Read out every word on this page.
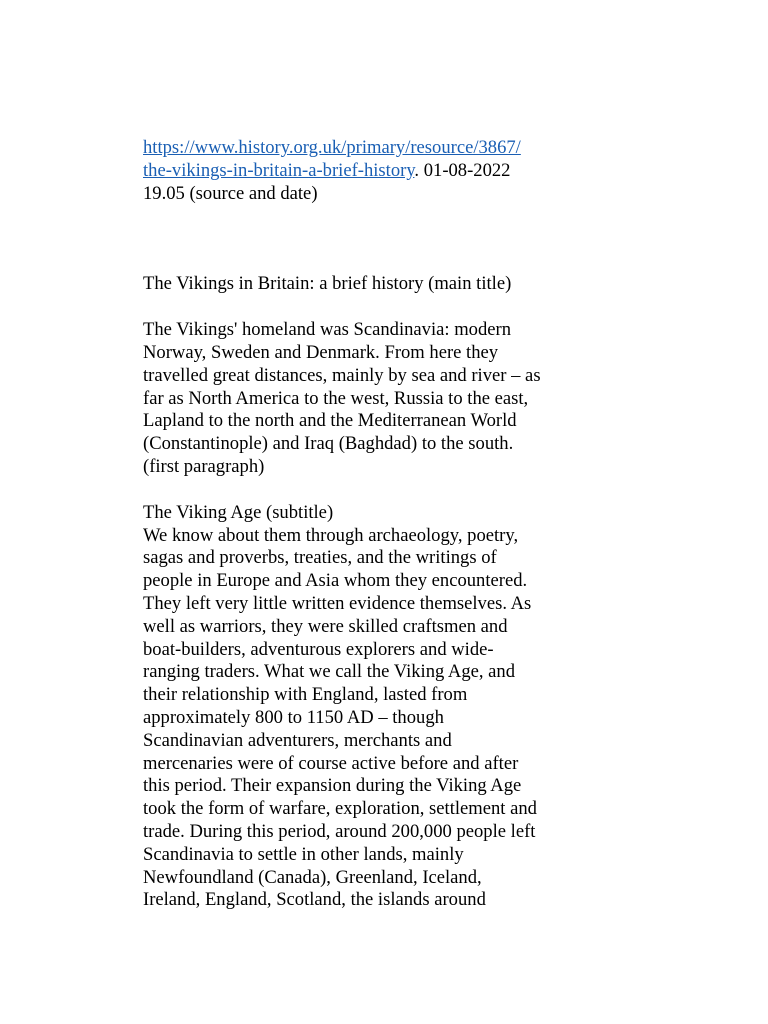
https://www.history.org.uk/primary/resource/3867/
the-vikings-in-britain-a-brief-history. 01-08-2022
19.05 (source and date)
The Vikings in Britain: a brief history (main title)
The Vikings' homeland was Scandinavia: modern
Norway, Sweden and Denmark. From here they
travelled great distances, mainly by sea and river – as
far as North America to the west, Russia to the east,
Lapland to the north and the Mediterranean World
(Constantinople) and Iraq (Baghdad) to the south.
(first paragraph)
The Viking Age (subtitle)
We know about them through archaeology, poetry,
sagas and proverbs, treaties, and the writings of
people in Europe and Asia whom they encountered.
They left very little written evidence themselves. As
well as warriors, they were skilled craftsmen and
boat-builders, adventurous explorers and wide-
ranging traders. What we call the Viking Age, and
their relationship with England, lasted from
approximately 800 to 1150 AD – though
Scandinavian adventurers, merchants and
mercenaries were of course active before and after
this period. Their expansion during the Viking Age
took the form of warfare, exploration, settlement and
trade. During this period, around 200,000 people left
Scandinavia to settle in other lands, mainly
Newfoundland (Canada), Greenland, Iceland,
Ireland, England, Scotland, the islands around
